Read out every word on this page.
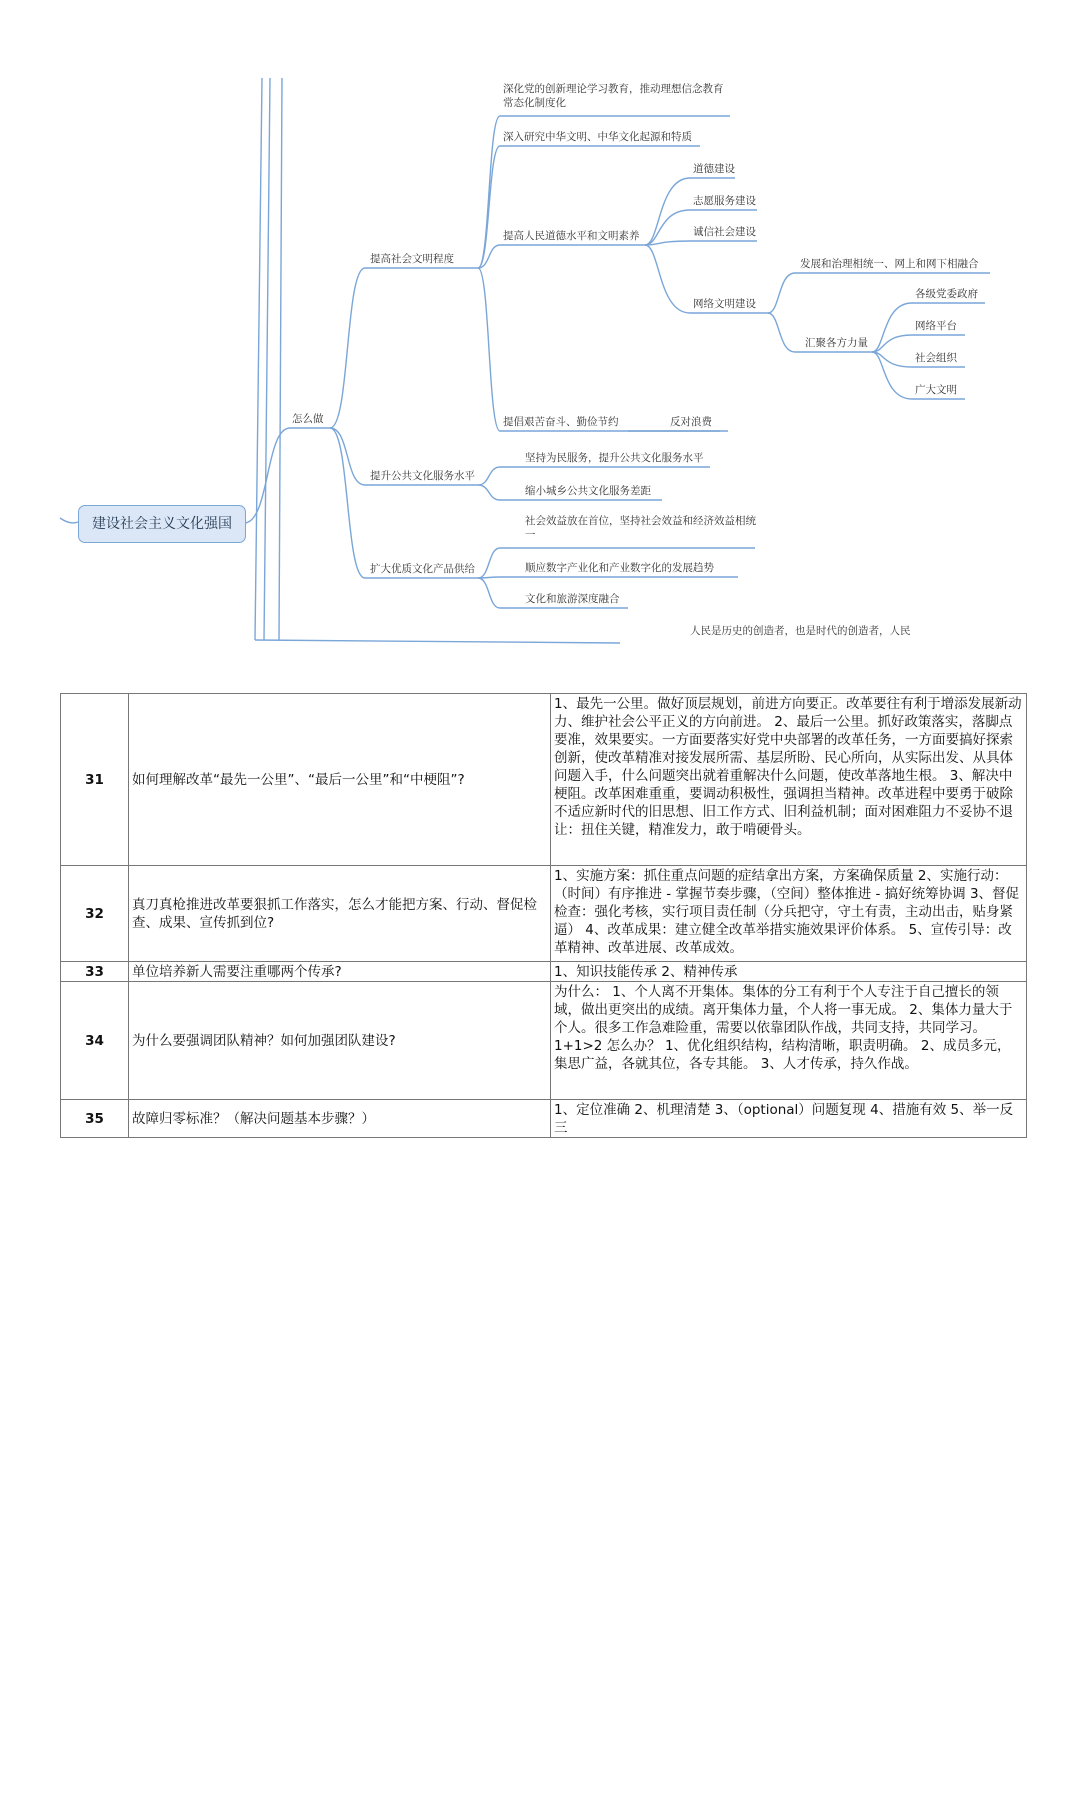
建设社会主义文化强国
怎么做
提高社会文明程度
深化党的创新理论学习教育，推动理想信念教育常态化制度化
深入研究中华文明、中华文化起源和特质
提高人民道德水平和文明素养
提倡艰苦奋斗、勤俭节约
道德建设
志愿服务建设
诚信社会建设
网络文明建设
发展和治理相统一、网上和网下相融合
汇聚各方力量
各级党委政府
网络平台
社会组织
广大文明
反对浪费
提升公共文化服务水平
坚持为民服务，提升公共文化服务水平
缩小城乡公共文化服务差距
扩大优质文化产品供给
社会效益放在首位，坚持社会效益和经济效益相统一
顺应数字产业化和产业数字化的发展趋势
文化和旅游深度融合
人民是历史的创造者，也是时代的创造者，人民
31	如何理解改革“最先一公里”、“最后一公里”和“中梗阻”?	1、最先一公里。做好顶层规划，前进方向要正。改革要往有利于增添发展新动力、维护社会公平正义的方向前进。 2、最后一公里。抓好政策落实，落脚点要准，效果要实。一方面要落实好党中央部署的改革任务，一方面要搞好探索创新，使改革精准对接发展所需、基层所盼、民心所向，从实际出发、从具体问题入手，什么问题突出就着重解决什么问题，使改革落地生根。 3、解决中梗阻。改革困难重重，要调动积极性，强调担当精神。改革进程中要勇于破除不适应新时代的旧思想、旧工作方式、旧利益机制；面对困难阻力不妥协不退让：扭住关键，精准发力，敢于啃硬骨头。
32	真刀真枪推进改革要狠抓工作落实，怎么才能把方案、行动、督促检查、成果、宣传抓到位?	1、实施方案：抓住重点问题的症结拿出方案，方案确保质量 2、实施行动：（时间）有序推进 - 掌握节奏步骤，（空间）整体推进 - 搞好统筹协调 3、督促检查：强化考核，实行项目责任制（分兵把守，守土有责，主动出击，贴身紧逼） 4、改革成果：建立健全改革举措实施效果评价体系。 5、宣传引导：改革精神、改革进展、改革成效。
33	单位培养新人需要注重哪两个传承?	1、知识技能传承 2、精神传承
34	为什么要强调团队精神？如何加强团队建设?	为什么： 1、个人离不开集体。集体的分工有利于个人专注于自己擅长的领域，做出更突出的成绩。离开集体力量，个人将一事无成。 2、集体力量大于个人。很多工作急难险重，需要以依靠团队作战，共同支持，共同学习。1+1>2 怎么办？ 1、优化组织结构，结构清晰，职责明确。 2、成员多元，集思广益，各就其位，各专其能。 3、人才传承，持久作战。
35	故障归零标准？（解决问题基本步骤？）	1、定位准确 2、机理清楚 3、（optional）问题复现 4、措施有效 5、举一反三
